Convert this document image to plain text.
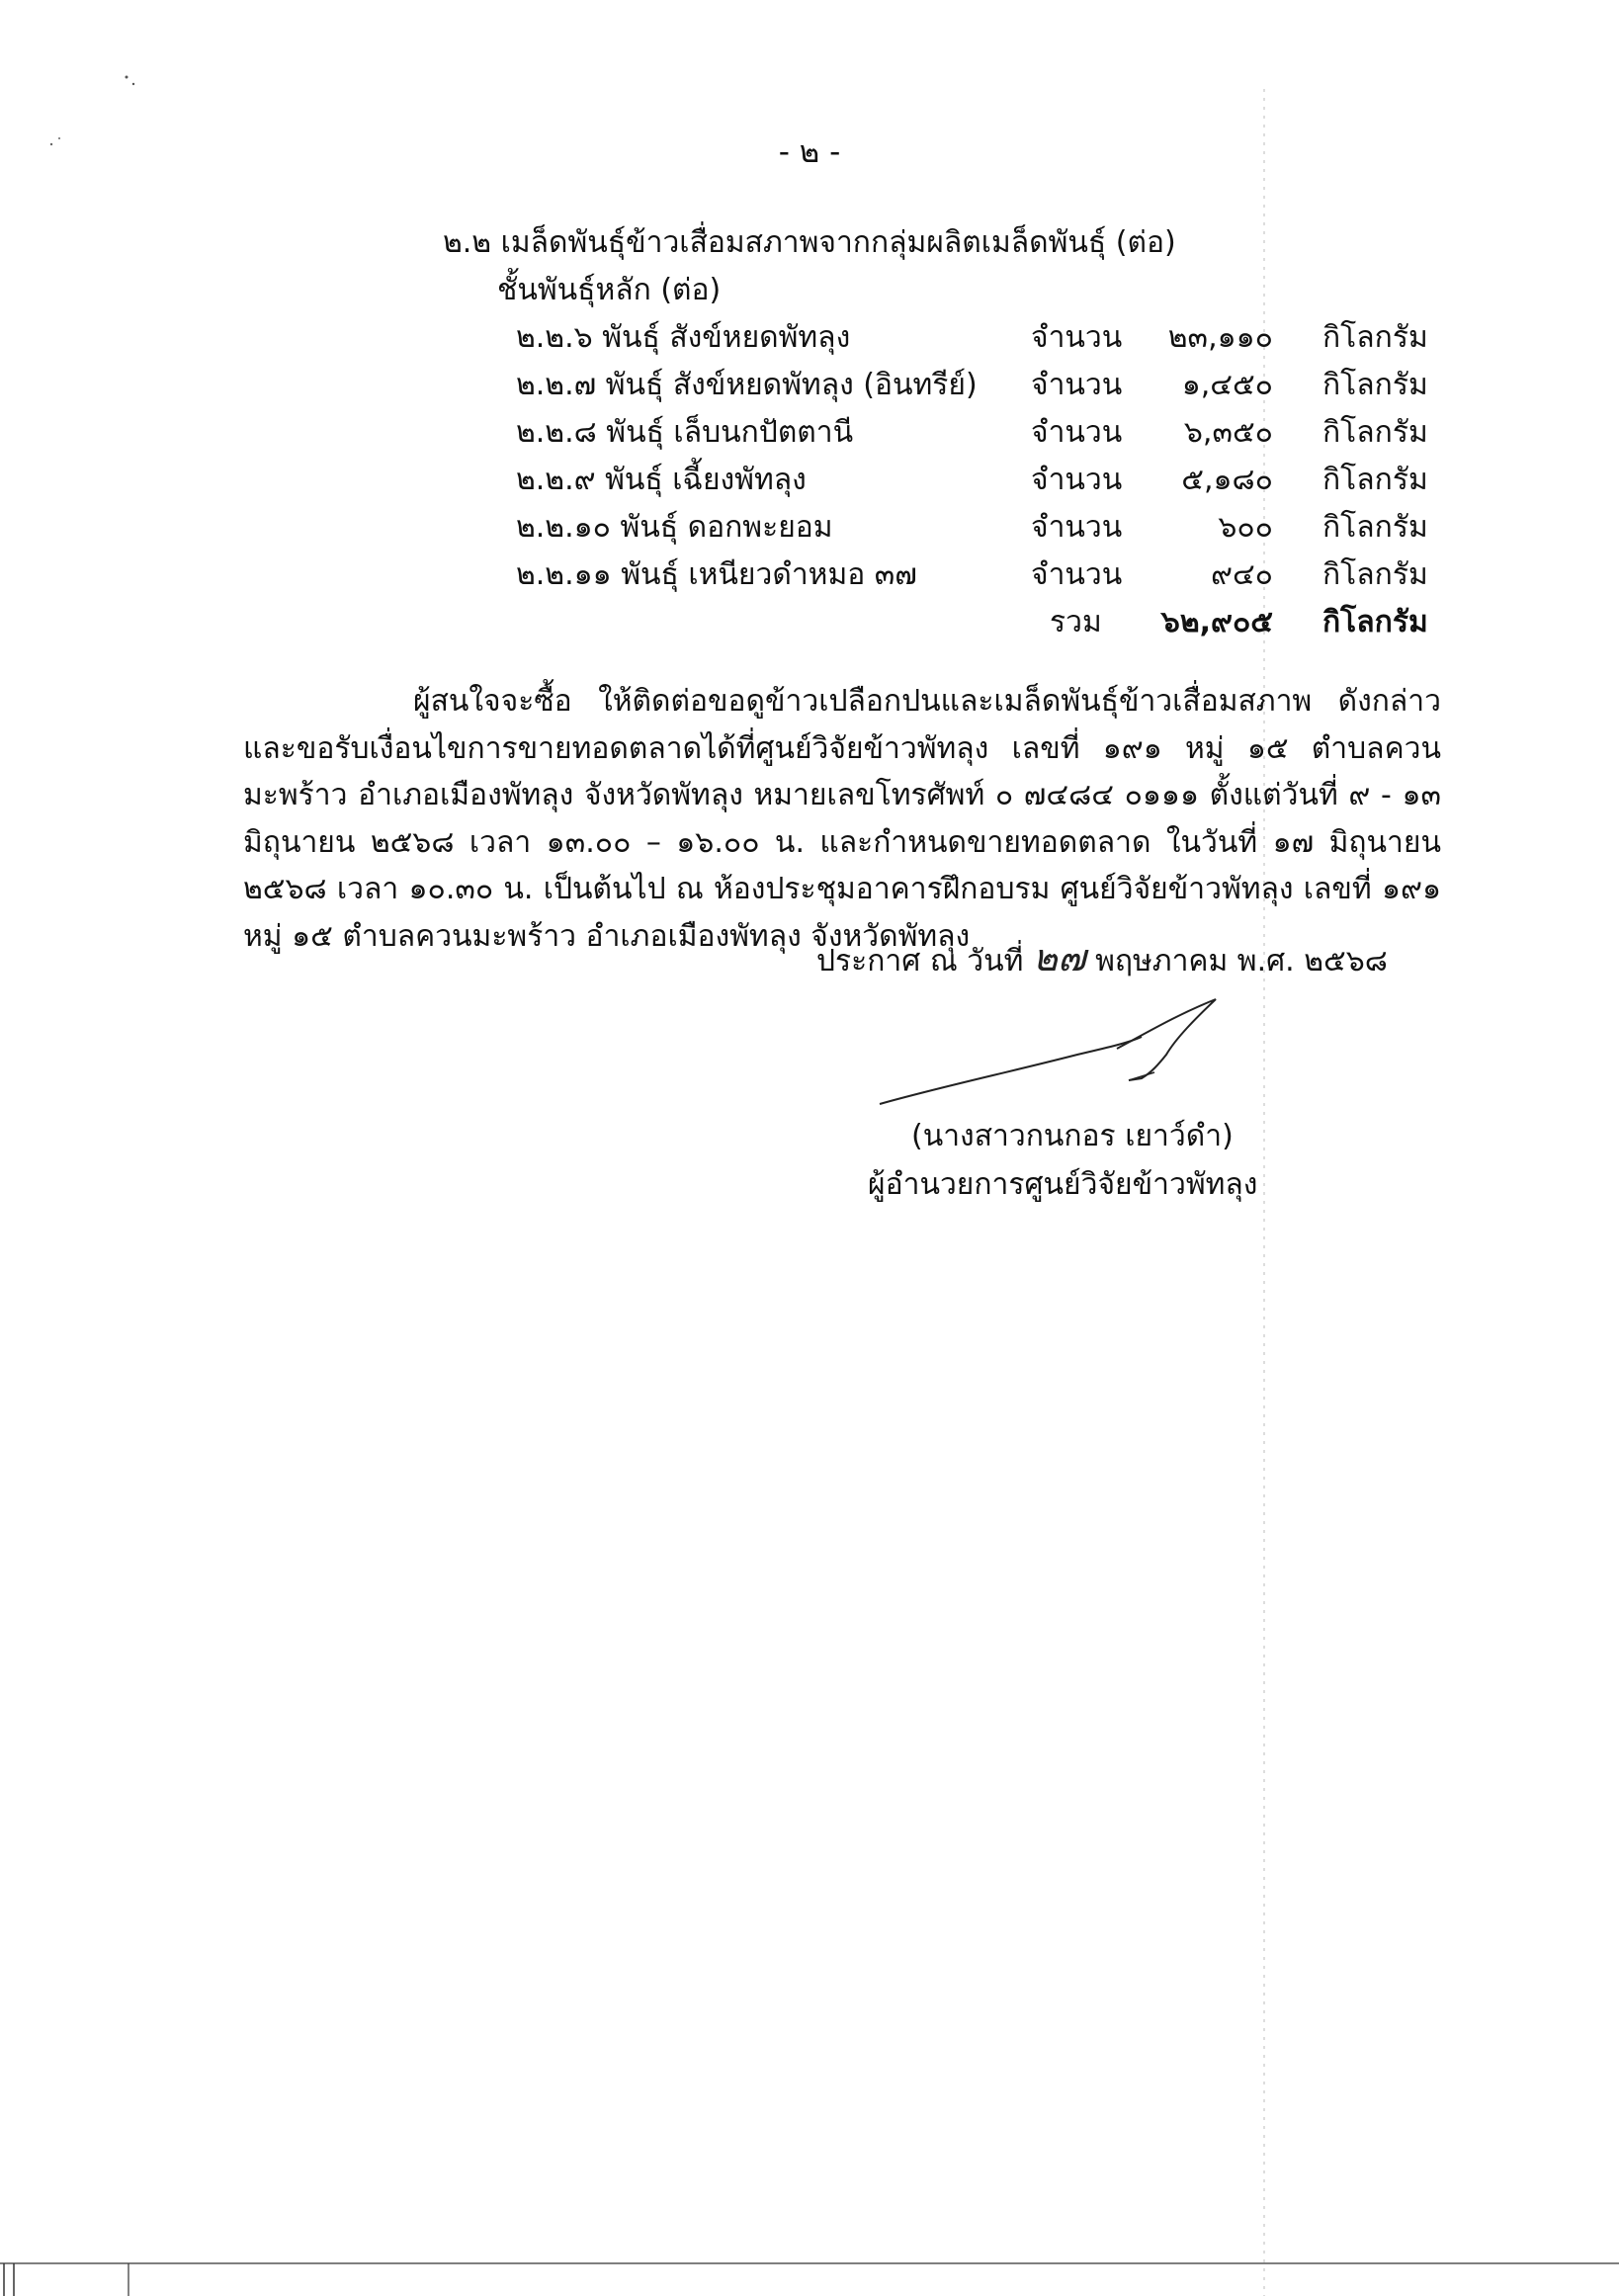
- ๒ -
๒.๒ เมล็ดพันธุ์ข้าวเสื่อมสภาพจากกลุ่มผลิตเมล็ดพันธุ์ (ต่อ)
ชั้นพันธุ์หลัก (ต่อ)
๒.๒.๖ พันธุ์ สังข์หยดพัทลุง	จำนวน ๒๓,๑๑๐ กิโลกรัม
๒.๒.๗ พันธุ์ สังข์หยดพัทลุง (อินทรีย์) จำนวน ๑,๔๕๐ กิโลกรัม
๒.๒.๘ พันธุ์ เล็บนกปัตตานี	จำนวน ๖,๓๕๐ กิโลกรัม
๒.๒.๙ พันธุ์ เฉี้ยงพัทลุง	จำนวน ๕,๑๘๐ กิโลกรัม
๒.๒.๑๐ พันธุ์ ดอกพะยอม	จำนวน	๖๐๐ กิโลกรัม
๒.๒.๑๑ พันธุ์ เหนียวดำหมอ ๓๗	จำนวน	๙๔๐ กิโลกรัม
รวม ๖๒,๙๐๕ กิโลกรัม

ผู้สนใจจะซื้อ ให้ติดต่อขอดูข้าวเปลือกปนและเมล็ดพันธุ์ข้าวเสื่อมสภาพ ดังกล่าว และขอรับเงื่อนไขการขายทอดตลาดได้ที่ศูนย์วิจัยข้าวพัทลุง เลขที่ ๑๙๑ หมู่ ๑๕ ตำบลควนมะพร้าว อำเภอเมืองพัทลุง จังหวัดพัทลุง หมายเลขโทรศัพท์ ๐ ๗๔๘๔ ๐๑๑๑ ตั้งแต่วันที่ ๙ - ๑๓ มิถุนายน ๒๕๖๘ เวลา ๑๓.๐๐ – ๑๖.๐๐ น. และกำหนดขายทอดตลาด ในวันที่ ๑๗ มิถุนายน ๒๕๖๘ เวลา ๑๐.๓๐ น. เป็นต้นไป ณ ห้องประชุมอาคารฝึกอบรม ศูนย์วิจัยข้าวพัทลุง เลขที่ ๑๙๑ หมู่ ๑๕ ตำบลควนมะพร้าว อำเภอเมืองพัทลุง จังหวัดพัทลุง

ประกาศ ณ วันที่ ๒๗ พฤษภาคม พ.ศ. ๒๕๖๘
(นางสาวกนกอร เยาว์ดำ)
ผู้อำนวยการศูนย์วิจัยข้าวพัทลุง
